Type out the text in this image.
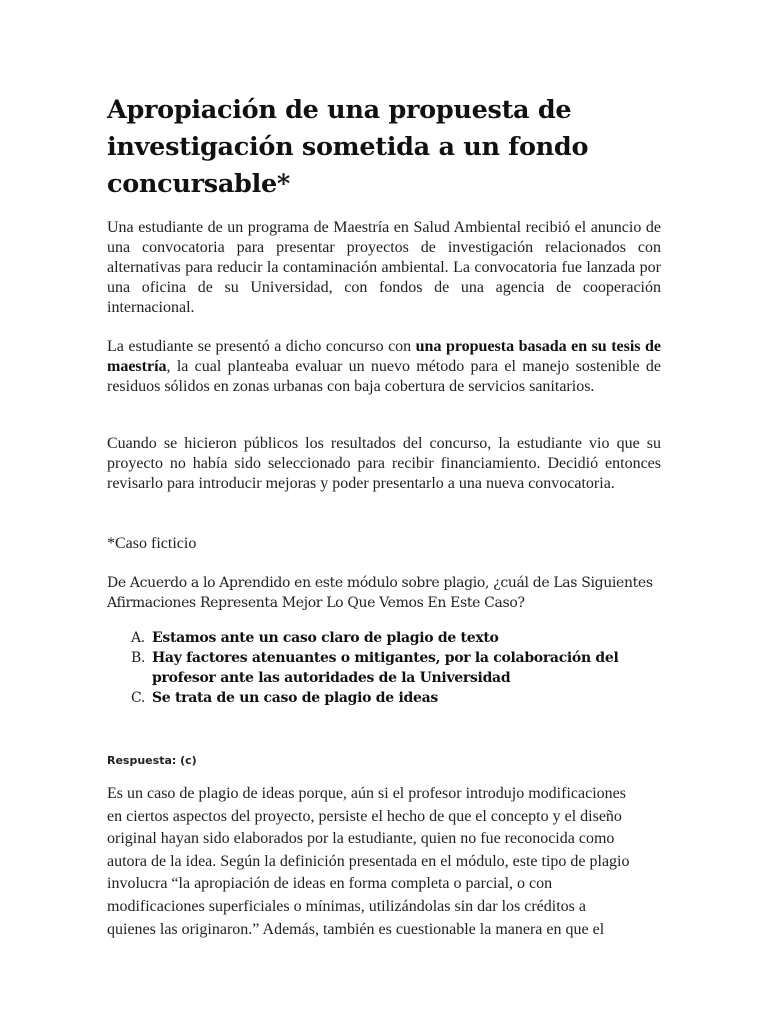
Apropiación de una propuesta de investigación sometida a un fondo concursable*

Una estudiante de un programa de Maestría en Salud Ambiental recibió el anuncio de una convocatoria para presentar proyectos de investigación relacionados con alternativas para reducir la contaminación ambiental. La convocatoria fue lanzada por una oficina de su Universidad, con fondos de una agencia de cooperación internacional.

La estudiante se presentó a dicho concurso con una propuesta basada en su tesis de maestría, la cual planteaba evaluar un nuevo método para el manejo sostenible de residuos sólidos en zonas urbanas con baja cobertura de servicios sanitarios.

Cuando se hicieron públicos los resultados del concurso, la estudiante vio que su proyecto no había sido seleccionado para recibir financiamiento. Decidió entonces revisarlo para introducir mejoras y poder presentarlo a una nueva convocatoria.

*Caso ficticio

De Acuerdo a lo Aprendido en este módulo sobre plagio, ¿cuál de Las Siguientes Afirmaciones Representa Mejor Lo Que Vemos En Este Caso?

A. Estamos ante un caso claro de plagio de texto
B. Hay factores atenuantes o mitigantes, por la colaboración del profesor ante las autoridades de la Universidad
C. Se trata de un caso de plagio de ideas

Respuesta: (c)

Es un caso de plagio de ideas porque, aún si el profesor introdujo modificaciones
en ciertos aspectos del proyecto, persiste el hecho de que el concepto y el diseño
original hayan sido elaborados por la estudiante, quien no fue reconocida como
autora de la idea. Según la definición presentada en el módulo, este tipo de plagio
involucra “la apropiación de ideas en forma completa o parcial, o con
modificaciones superficiales o mínimas, utilizándolas sin dar los créditos a
quienes las originaron.” Además, también es cuestionable la manera en que el
